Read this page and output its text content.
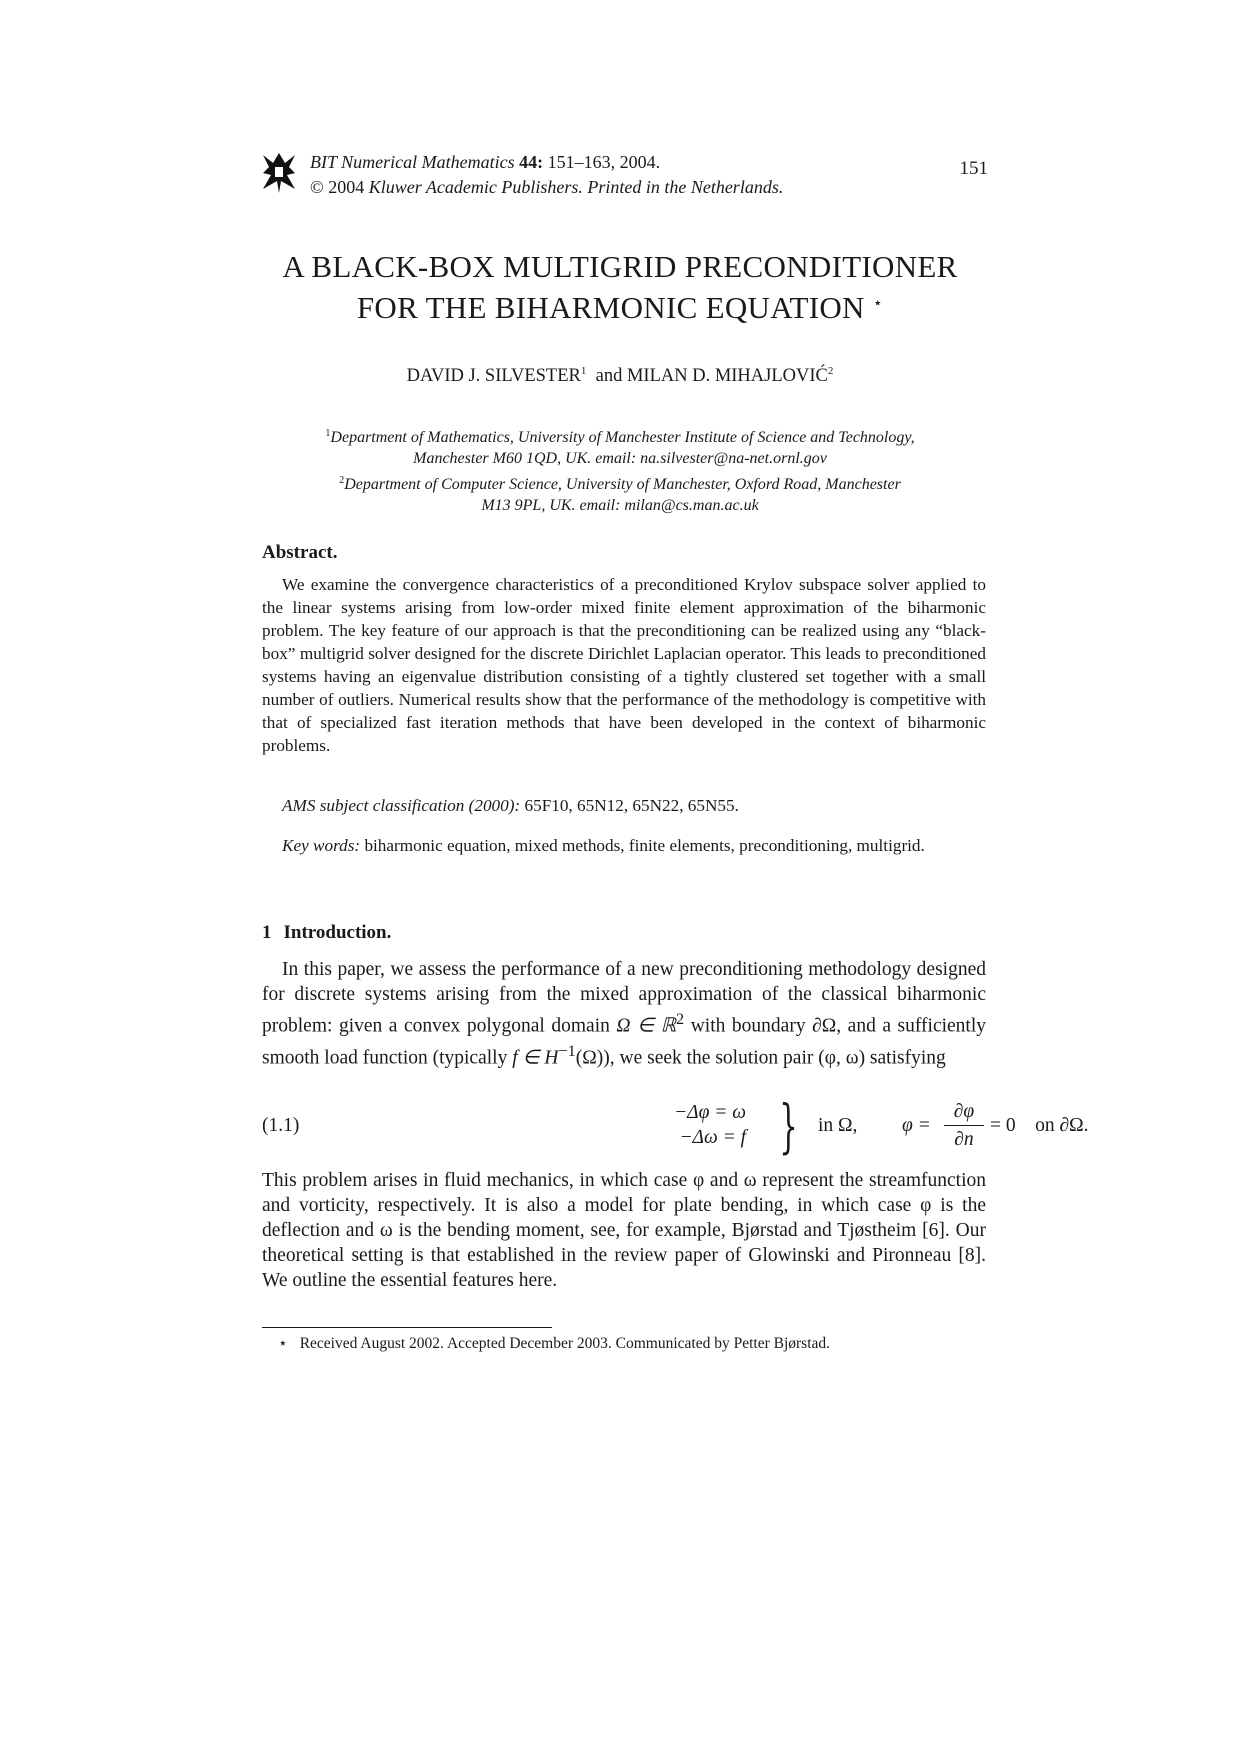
BIT Numerical Mathematics 44: 151–163, 2004.
© 2004 Kluwer Academic Publishers. Printed in the Netherlands.
151
A BLACK-BOX MULTIGRID PRECONDITIONER
FOR THE BIHARMONIC EQUATION ⋆
DAVID J. SILVESTER$^1$ and MILAN D. MIHAJLOVIĆ$^2$
$^1$Department of Mathematics, University of Manchester Institute of Science and Technology,
Manchester M60 1QD, UK. email: na.silvester@na-net.ornl.gov
$^2$Department of Computer Science, University of Manchester, Oxford Road, Manchester
M13 9PL, UK. email: milan@cs.man.ac.uk
Abstract.
We examine the convergence characteristics of a preconditioned Krylov subspace solver applied to the linear systems arising from low-order mixed finite element approximation of the biharmonic problem. The key feature of our approach is that the preconditioning can be realized using any “black-box” multigrid solver designed for the discrete Dirichlet Laplacian operator. This leads to preconditioned systems having an eigenvalue distribution consisting of a tightly clustered set together with a small number of outliers. Numerical results show that the performance of the methodology is competitive with that of specialized fast iteration methods that have been developed in the context of biharmonic problems.
AMS subject classification (2000): 65F10, 65N12, 65N22, 65N55.
Key words: biharmonic equation, mixed methods, finite elements, preconditioning, multigrid.
1 Introduction.
In this paper, we assess the performance of a new preconditioning methodology designed for discrete systems arising from the mixed approximation of the classical biharmonic problem: given a convex polygonal domain Ω ∈ ℝ$^2$ with boundary ∂Ω, and a sufficiently smooth load function (typically f ∈ $H^{-1}(\Omega)$), we seek the solution pair (φ, ω) satisfying
(1.1)
−Δφ = ω
−Δω = f } in Ω, φ =
∂φ
∂n
= 0    on ∂Ω.
This problem arises in fluid mechanics, in which case φ and ω represent the streamfunction and vorticity, respectively. It is also a model for plate bending, in which case φ is the deflection and ω is the bending moment, see, for example, Bjørstad and Tjøstheim [6]. Our theoretical setting is that established in the review paper of Glowinski and Pironneau [8]. We outline the essential features here.
⋆ Received August 2002. Accepted December 2003. Communicated by Petter Bjørstad.
